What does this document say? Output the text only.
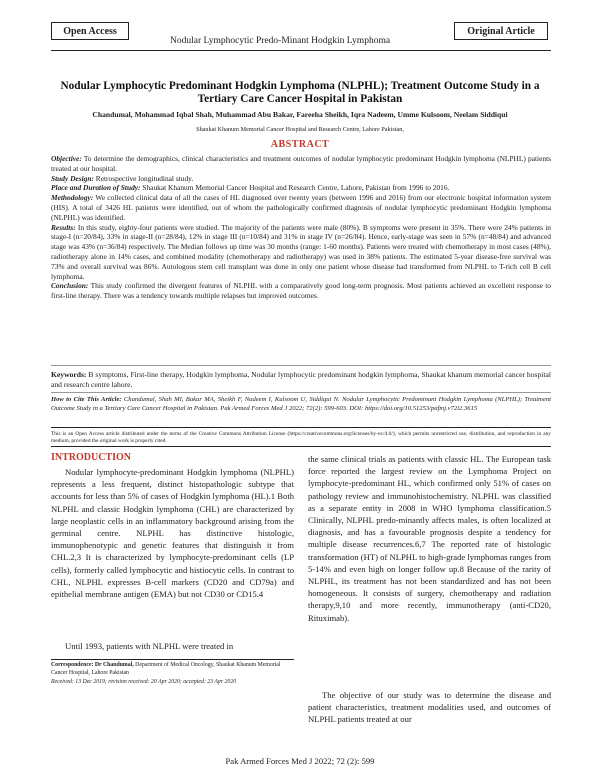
Open Access
Nodular Lymphocytic Predo-Minant Hodgkin Lymphoma
Original Article
Nodular Lymphocytic Predominant Hodgkin Lymphoma (NLPHL); Treatment Outcome Study in a Tertiary Care Cancer Hospital in Pakistan
Chandumal, Mohammad Iqbal Shah, Muhammad Abu Bakar, Fareeha Sheikh, Iqra Nadeem, Umme Kulsoom, Neelam Siddiqui
Shaukat Khanum Memorial Cancer Hospital and Research Centre, Lahore Pakistan,
ABSTRACT
Objective: To determine the demographics, clinical characteristics and treatment outcomes of nodular lymphocytic predominant Hodgkin lymphoma (NLPHL) patients treated at our hospital.
Study Design: Retrospective longitudinal study.
Place and Duration of Study: Shaukat Khanum Memorial Cancer Hospital and Research Centre, Lahore, Pakistan from 1996 to 2016.
Methodology: We collected clinical data of all the cases of HL diagnosed over twenty years (between 1996 and 2016) from our electronic hospital information system (HIS). A total of 3426 HL patients were identified, out of whom the pathologically confirmed diagnosis of nodular lymphocytic predominant Hodgkin lymphoma (NLPHL) was identified.
Results: In this study, eighty-four patients were studied. The majority of the patients were male (80%). B symptoms were present in 35%. There were 24% patients in stage-I (n=20/84), 33% in stage-II (n=28/84), 12% in stage III (n=10/84) and 31% in stage IV (n=26/84). Hence, early-stage was seen in 57% (n=48/84) and advanced stage was 43% (n=36/84) respectively. The Median follows up time was 30 months (range: 1-60 months). Patients were treated with chemotherapy in most cases (48%), radiotherapy alone in 14% cases, and combined modality (chemotherapy and radiotherapy) was used in 38% patients. The estimated 5-year disease-free survival was 73% and overall survival was 86%. Autologous stem cell transplant was done in only one patient whose disease had transformed from NLPHL to T-rich cell B cell lymphoma.
Conclusion: This study confirmed the divergent features of NLPHL with a comparatively good long-term prognosis. Most patients achieved an excellent response to first-line therapy. There was a tendency towards multiple relapses but improved outcomes.
Keywords: B symptoms, First-line therapy, Hodgkin lymphoma, Nodular lymphocytic predominant hodgkin lymphoma, Shaukat khanum memorial cancer hospital and research centre lahore.
How to Cite This Article: Chandumal, Shah MI, Bakar MA, Sheikh F, Nadeem I, Kulsoom U, Siddiqui N. Nodular Lymphocytic Predominant Hodgkin Lymphoma (NLPHL); Treatment Outcome Study in a Tertiary Care Cancer Hospital in Pakistan. Pak Armed Forces Med J 2022; 72(2): 599-603. DOI: https://doi.org/10.51253/pafmj.v72i2.3615
This is an Open Access article distributed under the terms of the Creative Commons Attribution License (https://creativecommons.org/licenses/by-nc/4.0/), which permits unrestricted use, distribution, and reproduction in any medium, provided the original work is properly cited.
INTRODUCTION
Nodular lymphocyte-predominant Hodgkin lymphoma (NLPHL) represents a less frequent, distinct histopathologic subtype that accounts for less than 5% of cases of Hodgkin lymphoma (HL).1 Both NLPHL and classic Hodgkin lymphoma (CHL) are characterized by large neoplastic cells in an inflammatory background arising from the germinal centre. NLPHL has distinctive histologic, immunophenotypic and genetic features that distinguish it from CHL.2,3 It is characterized by lymphocyte-predominant cells (LP cells), formerly called lymphocytic and histiocytic cells. In contrast to CHL, NLPHL expresses B-cell markers (CD20 and CD79a) and epithelial membrane antigen (EMA) but not CD30 or CD15.4
Until 1993, patients with NLPHL were treated in
the same clinical trials as patients with classic HL. The European task force reported the largest review on the Lymphoma Project on lymphocyte-predominant HL, which confirmed only 51% of cases on pathology review and immunohistochemistry. NLPHL was classified as a separate entity in 2008 in WHO lymphoma classification.5 Clinically, NLPHL predo-minantly affects males, is often localized at diagnosis, and has a favourable prognosis despite a tendency for multiple disease recurrences.6,7 The reported rate of histologic transformation (HT) of NLPHL to high-grade lymphomas ranges from 5-14% and even high on longer follow up.8 Because of the rarity of NLPHL, its treatment has not been standardized and has not been homogeneous. It consists of surgery, chemotherapy and radiation therapy,9,10 and more recently, immunotherapy (anti-CD20, Rituximab).
The objective of our study was to determine the disease and patient characteristics, treatment modalities used, and outcomes of NLPHL patients treated at our
Correspondence: Dr Chandumal, Department of Medical Oncology, Shaukat Khanum Memorial Cancer Hospital, Lahore Pakistan
Received: 13 Dec 2019; revision received: 20 Apr 2020; accepted: 23 Apr 2020
Pak Armed Forces Med J 2022; 72 (2): 599
